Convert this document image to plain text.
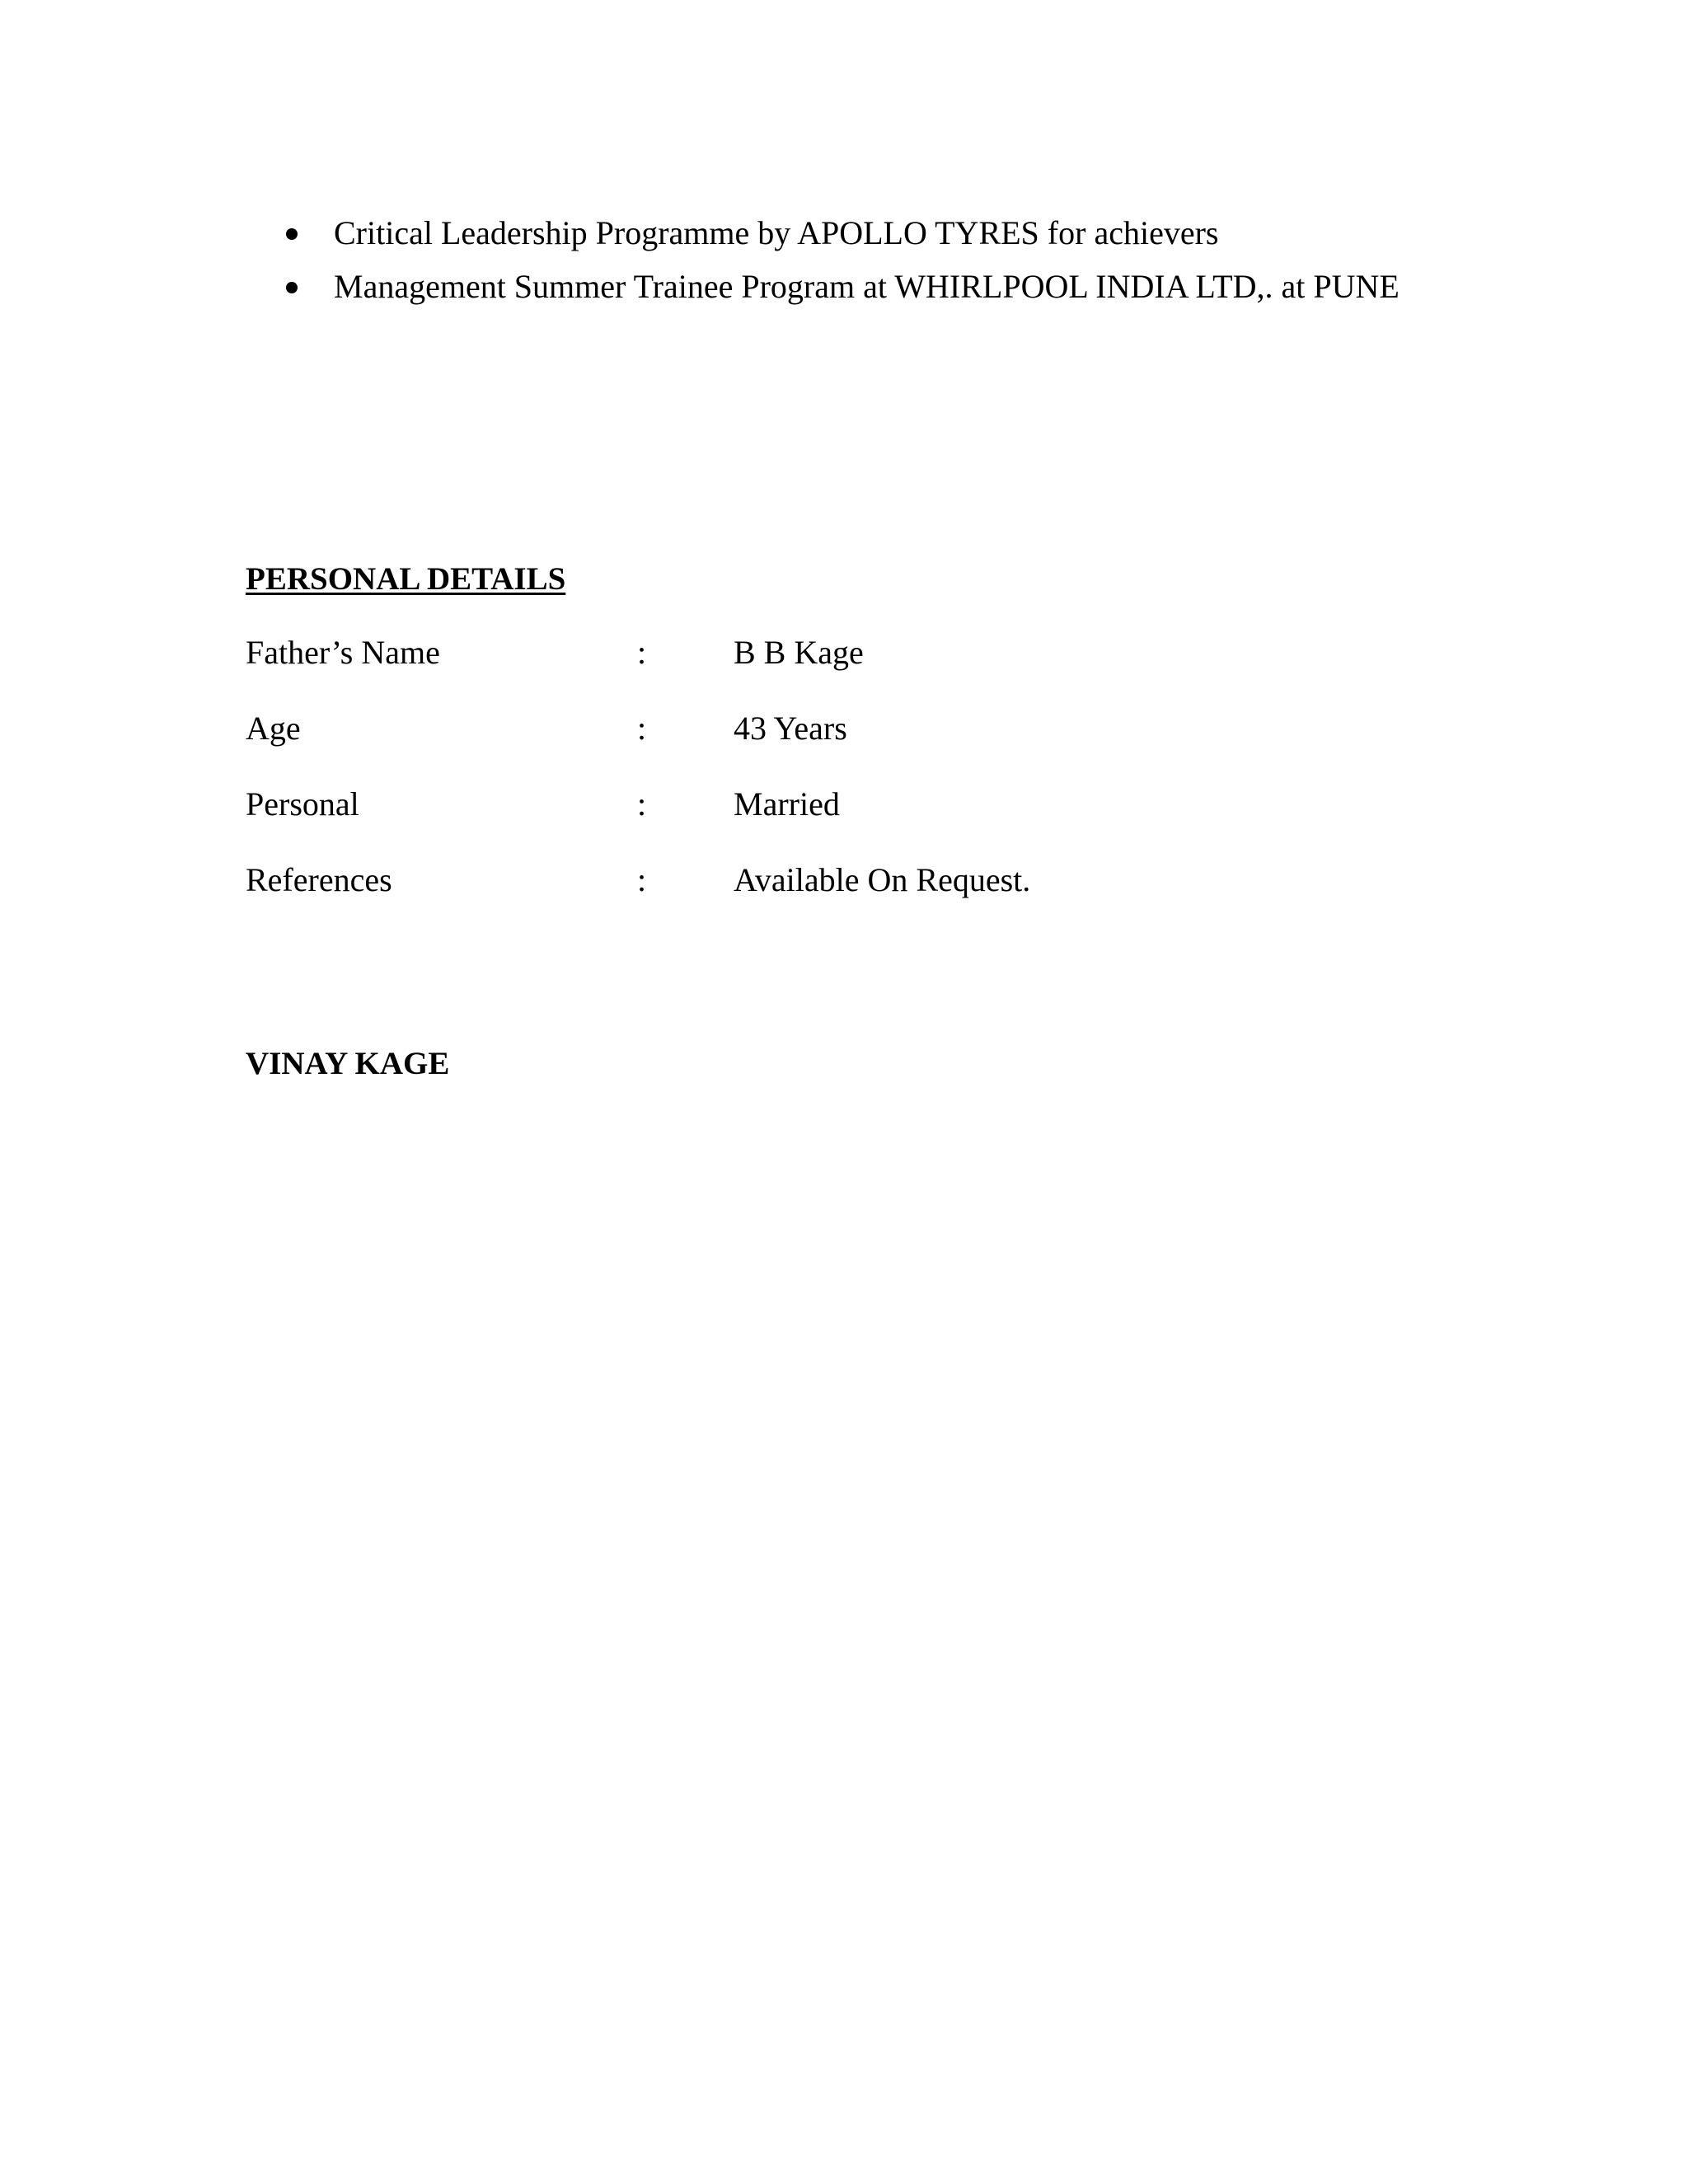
Critical Leadership Programme by APOLLO TYRES for achievers
Management Summer Trainee Program at WHIRLPOOL INDIA LTD,. at PUNE
PERSONAL DETAILS
Father’s Name	:	B B Kage
Age	:	43 Years
Personal	:	Married
References	:	Available On Request.

VINAY KAGE
